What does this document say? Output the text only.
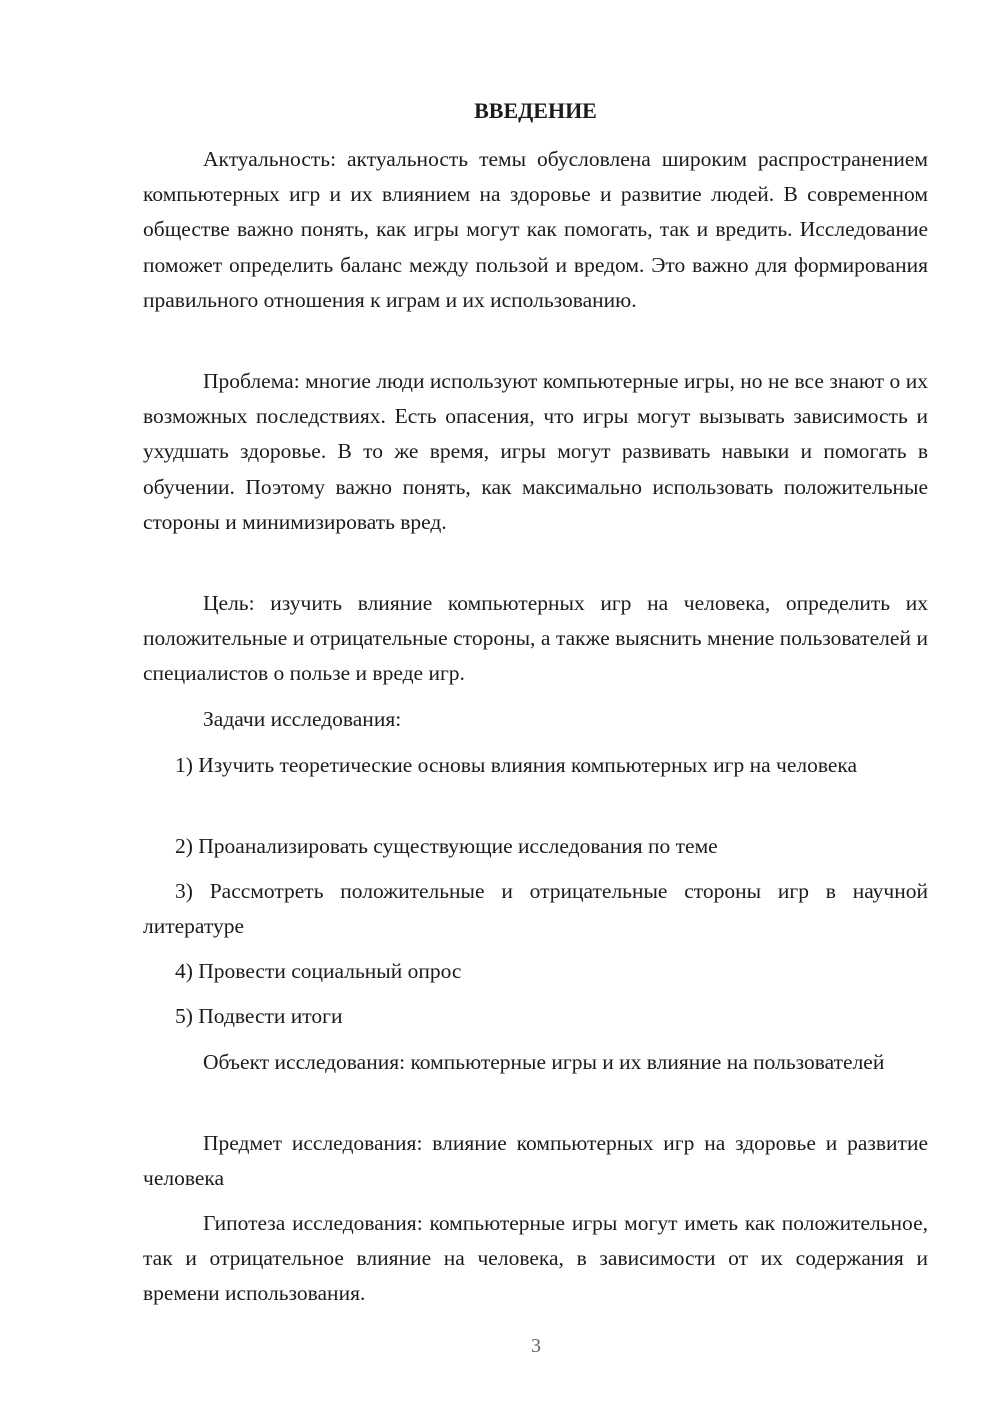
ВВЕДЕНИЕ

Актуальность: актуальность темы обусловлена широким распространением компьютерных игр и их влиянием на здоровье и развитие людей. В современном обществе важно понять, как игры могут как помогать, так и вредить. Исследование поможет определить баланс между пользой и вредом. Это важно для формирования правильного отношения к играм и их использованию.

Проблема: многие люди используют компьютерные игры, но не все знают о их возможных последствиях. Есть опасения, что игры могут вызывать зависимость и ухудшать здоровье. В то же время, игры могут развивать навыки и помогать в обучении. Поэтому важно понять, как максимально использовать положительные стороны и минимизировать вред.

Цель: изучить влияние компьютерных игр на человека, определить их положительные и отрицательные стороны, а также выяснить мнение пользователей и специалистов о пользе и вреде игр.

Задачи исследования:

1) Изучить теоретические основы влияния компьютерных игр на человека

2) Проанализировать существующие исследования по теме

3) Рассмотреть положительные и отрицательные стороны игр в научной литературе

4) Провести социальный опрос

5) Подвести итоги

Объект исследования: компьютерные игры и их влияние на пользователей

Предмет исследования: влияние компьютерных игр на здоровье и развитие человека

Гипотеза исследования: компьютерные игры могут иметь как положительное, так и отрицательное влияние на человека, в зависимости от их содержания и времени использования.

3
